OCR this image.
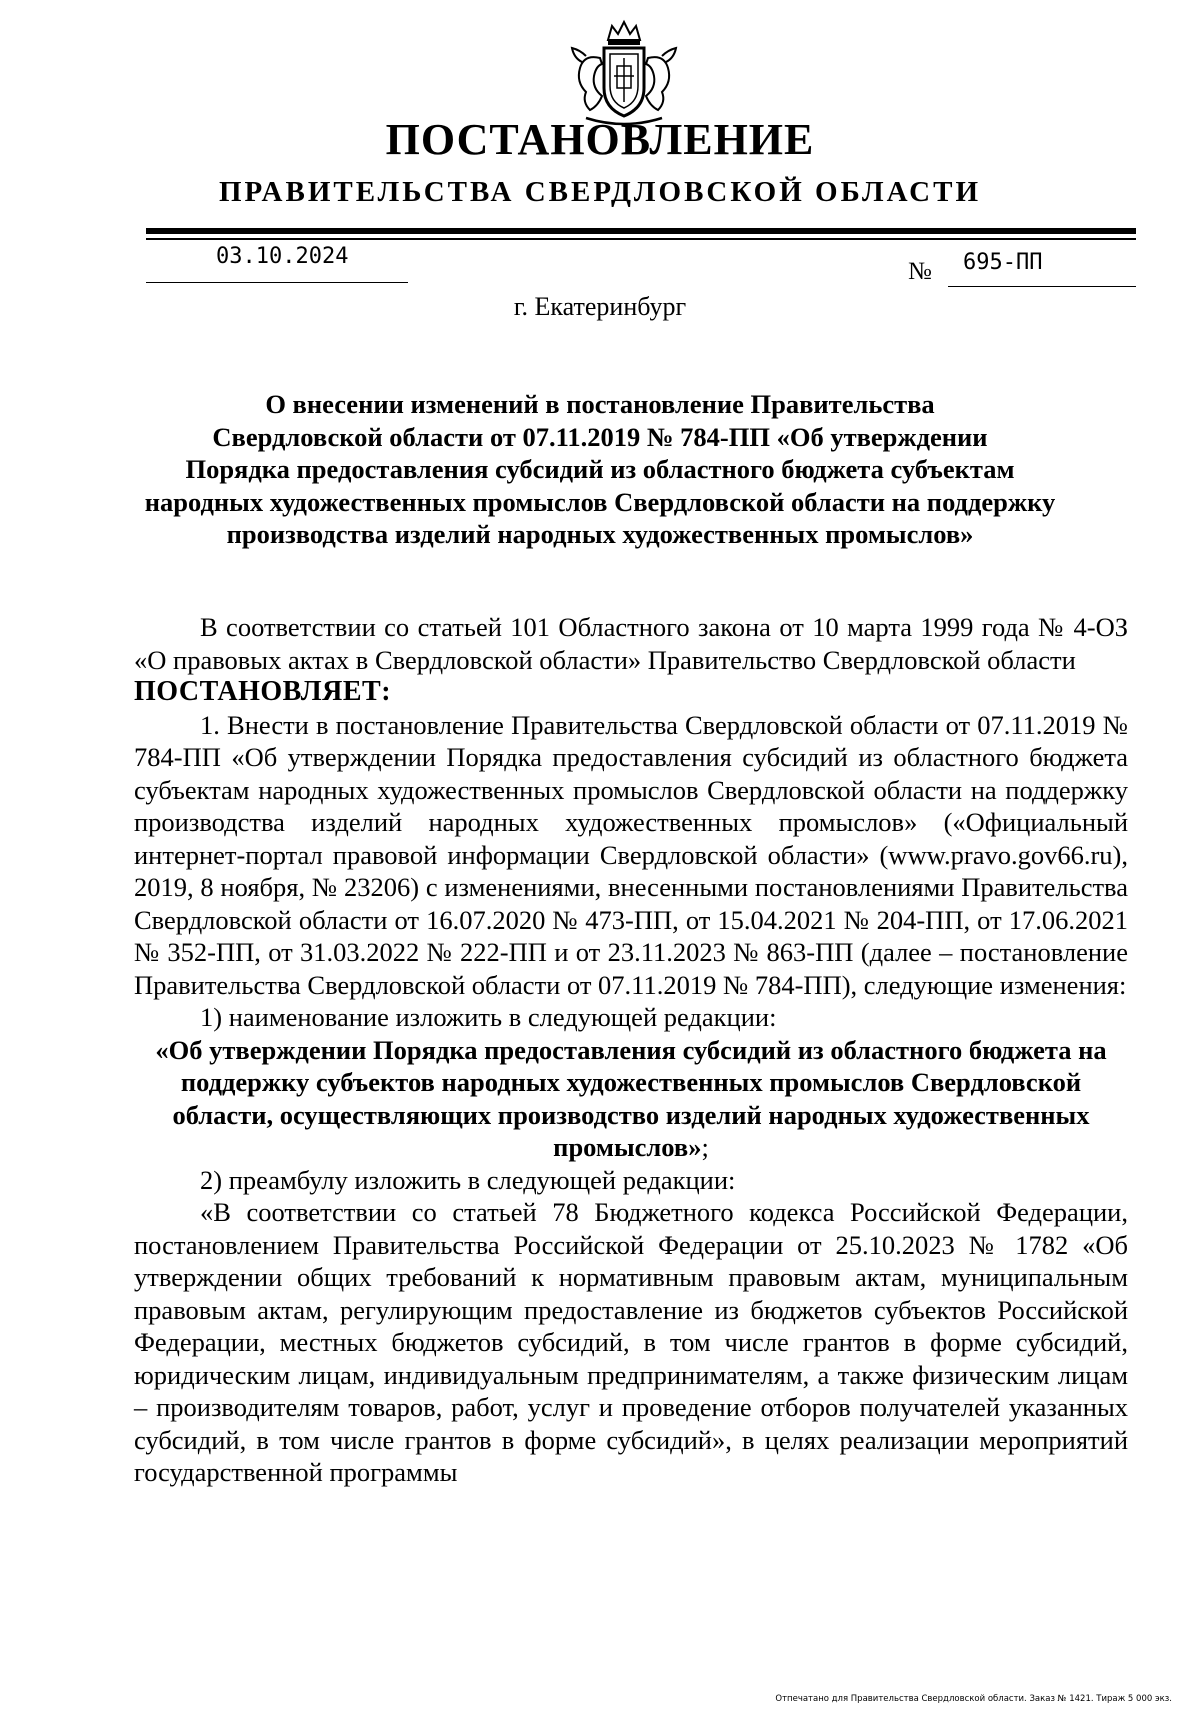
ПОСТАНОВЛЕНИЕ
ПРАВИТЕЛЬСТВА СВЕРДЛОВСКОЙ ОБЛАСТИ
03.10.2024
№ 695-ПП
г. Екатеринбург
О внесении изменений в постановление Правительства
Свердловской области от 07.11.2019 № 784-ПП «Об утверждении
Порядка предоставления субсидий из областного бюджета субъектам
народных художественных промыслов Свердловской области на поддержку
производства изделий народных художественных промыслов»

В соответствии со статьей 101 Областного закона от 10 марта 1999 года № 4-ОЗ «О правовых актах в Свердловской области» Правительство Свердловской области

ПОСТАНОВЛЯЕТ:

1. Внести в постановление Правительства Свердловской области от 07.11.2019 № 784-ПП «Об утверждении Порядка предоставления субсидий из областного бюджета субъектам народных художественных промыслов Свердловской области на поддержку производства изделий народных художественных промыслов» («Официальный интернет-портал правовой информации Свердловской области» (www.pravo.gov66.ru), 2019, 8 ноября, № 23206) с изменениями, внесенными постановлениями Правительства Свердловской области от 16.07.2020 № 473-ПП, от 15.04.2021 № 204-ПП, от 17.06.2021 № 352-ПП, от 31.03.2022 № 222-ПП и от 23.11.2023 № 863-ПП (далее – постановление Правительства Свердловской области от 07.11.2019 № 784-ПП), следующие изменения:

1) наименование изложить в следующей редакции:

«Об утверждении Порядка предоставления субсидий из областного бюджета на поддержку субъектов народных художественных промыслов Свердловской области, осуществляющих производство изделий народных художественных промыслов»;

2) преамбулу изложить в следующей редакции:

«В соответствии со статьей 78 Бюджетного кодекса Российской Федерации, постановлением Правительства Российской Федерации от 25.10.2023 № 1782 «Об утверждении общих требований к нормативным правовым актам, муниципальным правовым актам, регулирующим предоставление из бюджетов субъектов Российской Федерации, местных бюджетов субсидий, в том числе грантов в форме субсидий, юридическим лицам, индивидуальным предпринимателям, а также физическим лицам – производителям товаров, работ, услуг и проведение отборов получателей указанных субсидий, в том числе грантов в форме субсидий», в целях реализации мероприятий государственной программы

Отпечатано для Правительства Свердловской области. Заказ № 1421. Тираж 5 000 экз.
